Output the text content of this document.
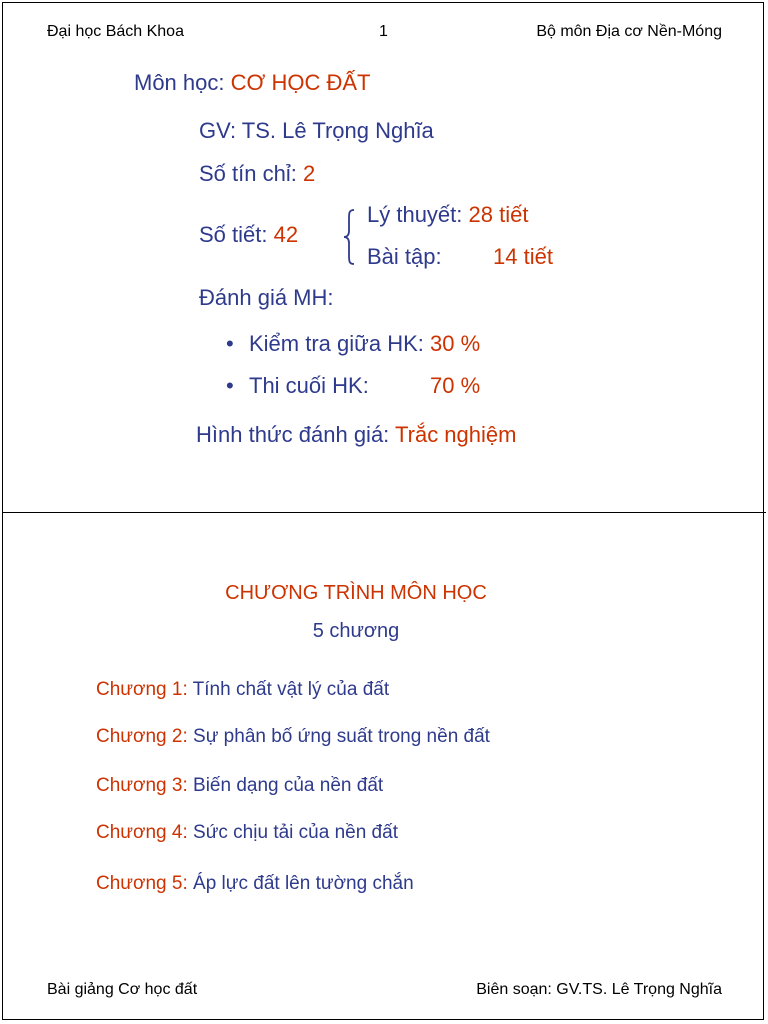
Đại học Bách Khoa	1	Bộ môn Địa cơ Nền-Móng
Môn học: CƠ HỌC ĐẤT
GV: TS. Lê Trọng Nghĩa
Số tín chỉ: 2
Số tiết: 42
Lý thuyết: 28 tiết
Bài tập: 14 tiết
Đánh giá MH:
• Kiểm tra giữa HK: 30 %
• Thi cuối HK:	70 %
Hình thức đánh giá: Trắc nghiệm
CHƯƠNG TRÌNH MÔN HỌC
5 chương
Chương 1: Tính chất vật lý của đất
Chương 2: Sự phân bố ứng suất trong nền đất
Chương 3: Biến dạng của nền đất
Chương 4: Sức chịu tải của nền đất
Chương 5: Áp lực đất lên tường chắn
Bài giảng Cơ học đất	Biên soạn: GV.TS. Lê Trọng Nghĩa
